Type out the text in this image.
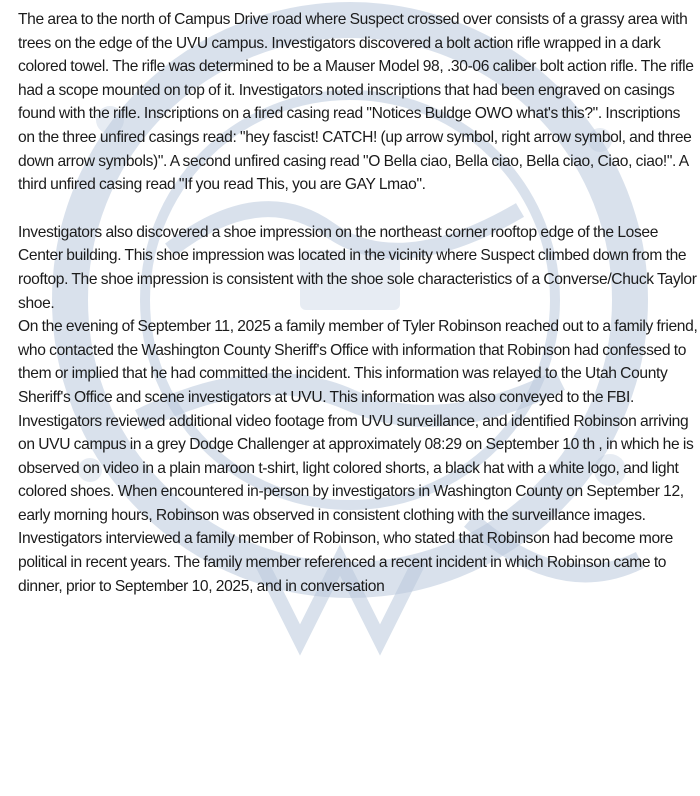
The area to the north of Campus Drive road where Suspect crossed over consists of a grassy area with trees on the edge of the UVU campus. Investigators discovered a bolt action rifle wrapped in a dark colored towel. The rifle was determined to be a Mauser Model 98, .30-06 caliber bolt action rifle. The rifle had a scope mounted on top of it. Investigators noted inscriptions that had been engraved on casings found with the rifle. Inscriptions on a fired casing read "Notices Buldge OWO what's this?". Inscriptions on the three unfired casings read: "hey fascist! CATCH! (up arrow symbol, right arrow symbol, and three down arrow symbols)". A second unfired casing read "O Bella ciao, Bella ciao, Bella ciao, Ciao, ciao!". A third unfired casing read "If you read This, you are GAY Lmao".

Investigators also discovered a shoe impression on the northeast corner rooftop edge of the Losee Center building. This shoe impression was located in the vicinity where Suspect climbed down from the rooftop. The shoe impression is consistent with the shoe sole characteristics of a Converse/Chuck Taylor shoe.

On the evening of September 11, 2025 a family member of Tyler Robinson reached out to a family friend, who contacted the Washington County Sheriff's Office with information that Robinson had confessed to them or implied that he had committed the incident. This information was relayed to the Utah County Sheriff's Office and scene investigators at UVU. This information was also conveyed to the FBI.

Investigators reviewed additional video footage from UVU surveillance, and identified Robinson arriving on UVU campus in a grey Dodge Challenger at approximately 08:29 on September 10 th , in which he is observed on video in a plain maroon t-shirt, light colored shorts, a black hat with a white logo, and light colored shoes. When encountered in-person by investigators in Washington County on September 12, early morning hours, Robinson was observed in consistent clothing with the surveillance images.

Investigators interviewed a family member of Robinson, who stated that Robinson had become more political in recent years. The family member referenced a recent incident in which Robinson came to dinner, prior to September 10, 2025, and in conversation
